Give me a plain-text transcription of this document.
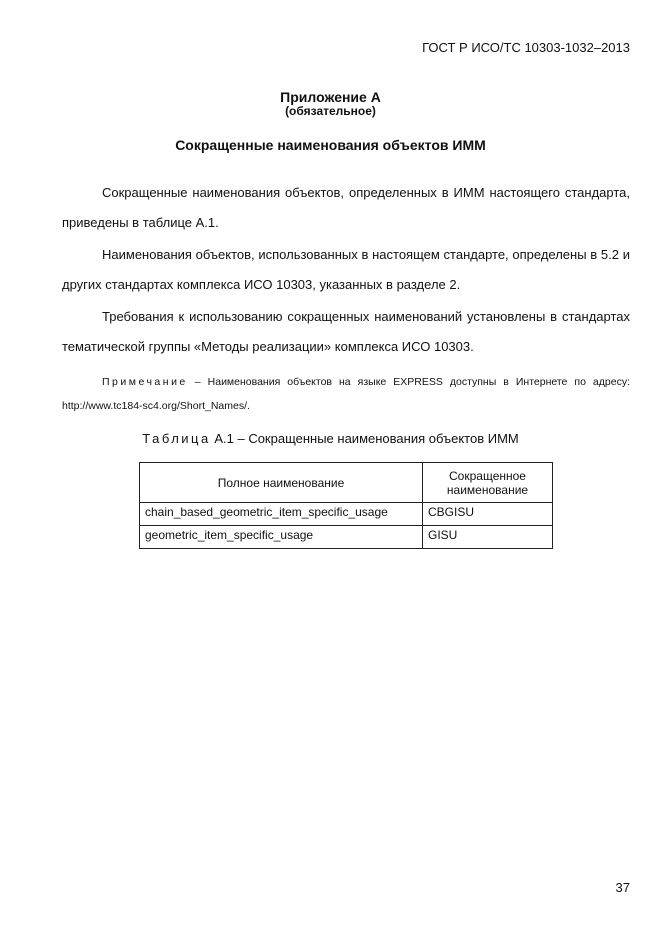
ГОСТ Р ИСО/ТС 10303-1032–2013
Приложение A
(обязательное)
Сокращенные наименования объектов ИММ
Сокращенные наименования объектов, определенных в ИММ настоящего стандарта, приведены в таблице А.1.
Наименования объектов, использованных в настоящем стандарте, определены в 5.2 и других стандартах комплекса ИСО 10303, указанных в разделе 2.
Требования к использованию сокращенных наименований установлены в стандартах тематической группы «Методы реализации» комплекса ИСО 10303.
Примечание – Наименования объектов на языке EXPRESS доступны в Интернете по адресу: http://www.tc184-sc4.org/Short_Names/.
Таблица А.1 – Сокращенные наименования объектов ИММ
Полное наименование	Сокращенное наименование
chain_based_geometric_item_specific_usage	CBGISU
geometric_item_specific_usage	GISU
37
